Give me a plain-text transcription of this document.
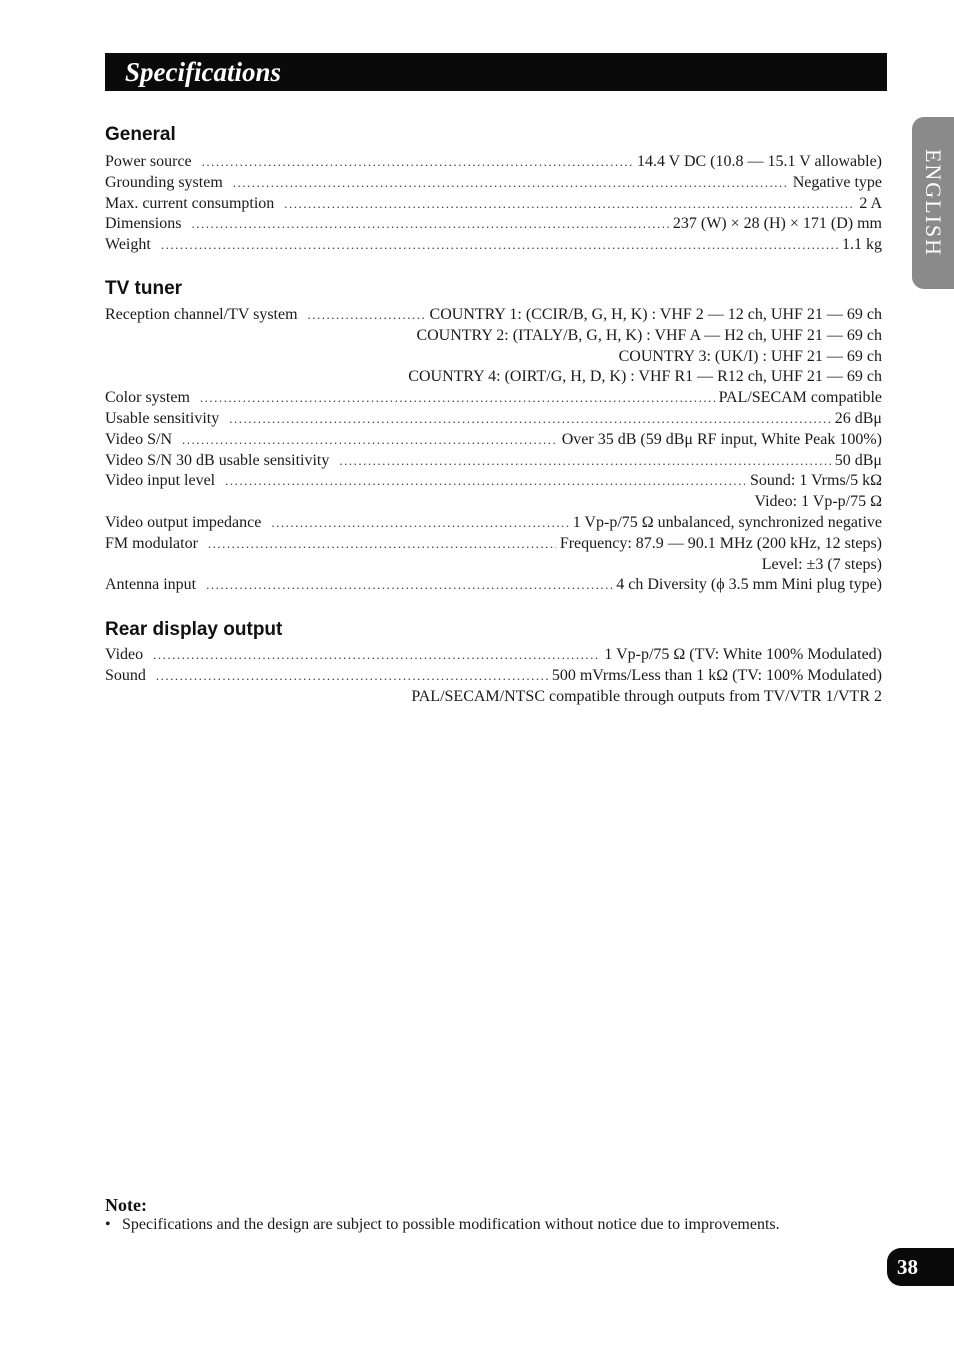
Specifications
ENGLISH
General
Power source .....	14.4 V DC (10.8 — 15.1 V allowable)
Grounding system .....	Negative type
Max. current consumption .....	2 A
Dimensions .....	237 (W) × 28 (H) × 171 (D) mm
Weight .....	1.1 kg
TV tuner
Reception channel/TV system .....	COUNTRY 1: (CCIR/B, G, H, K) : VHF 2 — 12 ch, UHF 21 — 69 ch
COUNTRY 2: (ITALY/B, G, H, K) : VHF A — H2 ch, UHF 21 — 69 ch
COUNTRY 3: (UK/I) : UHF 21 — 69 ch
COUNTRY 4: (OIRT/G, H, D, K) : VHF R1 — R12 ch, UHF 21 — 69 ch
Color system .....	PAL/SECAM compatible
Usable sensitivity .....	26 dBμ
Video S/N .....	Over 35 dB (59 dBμ RF input, White Peak 100%)
Video S/N 30 dB usable sensitivity .....	50 dBμ
Video input level .....	Sound: 1 Vrms/5 kΩ
Video: 1 Vp-p/75 Ω
Video output impedance .....	1 Vp-p/75 Ω unbalanced, synchronized negative
FM modulator .....	Frequency: 87.9 — 90.1 MHz (200 kHz, 12 steps)
Level: ±3 (7 steps)
Antenna input .....	4 ch Diversity (ϕ 3.5 mm Mini plug type)
Rear display output
Video .....	1 Vp-p/75 Ω (TV: White 100% Modulated)
Sound .....	500 mVrms/Less than 1 kΩ (TV: 100% Modulated)
PAL/SECAM/NTSC compatible through outputs from TV/VTR 1/VTR 2
Note:
• Specifications and the design are subject to possible modification without notice due to improvements.
38
